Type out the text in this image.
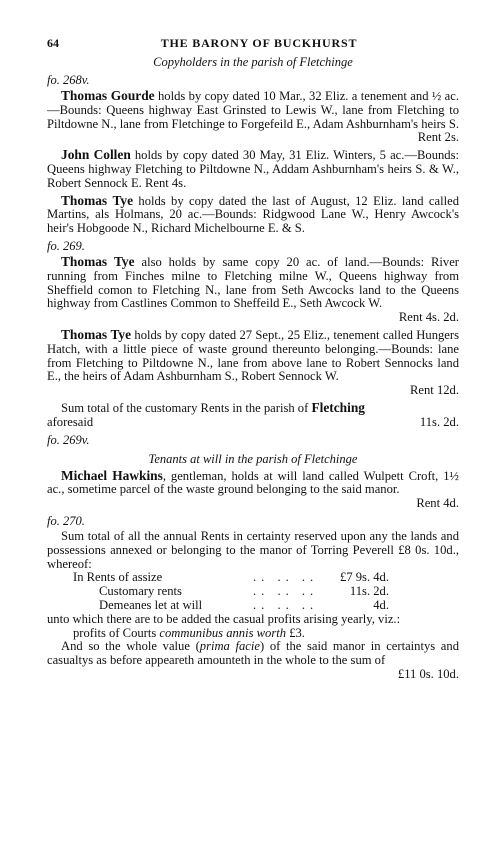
64	THE BARONY OF BUCKHURST
Copyholders in the parish of Fletchinge
fo. 268v.

Thomas Gourde holds by copy dated 10 Mar., 32 Eliz. a tenement and ½ ac.—Bounds: Queens highway East Grinsted to Lewis W., lane from Fletching to Piltdowne N., lane from Fletchinge to Forgefeild E., Adam Ashburnham's heirs S.

Rent 2s.

John Collen holds by copy dated 30 May, 31 Eliz. Winters, 5 ac.—Bounds: Queens highway Fletching to Piltdowne N., Addam Ashburnham's heirs S. & W., Robert Sennock E. Rent 4s.

Thomas Tye holds by copy dated the last of August, 12 Eliz. land called Martins, als Holmans, 20 ac.—Bounds: Ridgwood Lane W., Henry Awcock's heir's Hobgoode N., Richard Michelbourne E. & S.

fo. 269.

Thomas Tye also holds by same copy 20 ac. of land.—Bounds: River running from Finches milne to Fletching milne W., Queens highway from Sheffield comon to Fletching N., lane from Seth Awcocks land to the Queens highway from Castlines Common to Sheffeild E., Seth Awcock W.

Rent 4s. 2d.

Thomas Tye holds by copy dated 27 Sept., 25 Eliz., tenement called Hungers Hatch, with a little piece of waste ground thereunto belonging.—Bounds: lane from Fletching to Piltdowne N., lane from above lane to Robert Sennocks land E., the heirs of Adam Ashburnham S., Robert Sennock W.

Rent 12d.

Sum total of the customary Rents in the parish of Fletching

aforesaid	11s. 2d.
fo. 269v.
Tenants at will in the parish of Fletchinge

Michael Hawkins, gentleman, holds at will land called Wulpett Croft, 1½ ac., sometime parcel of the waste ground belonging to the said manor.

Rent 4d.
fo. 270.

Sum total of all the annual Rents in certainty reserved upon any the lands and possessions annexed or belonging to the manor of Torring Peverell £8 0s. 10d., whereof:

In Rents of assize	.. .. ..	£7 9s. 4d.
Customary rents	.. .. ..	11s. 2d.
Demeanes let at will	.. .. ..	4d.

unto which there are to be added the casual profits arising yearly, viz.:

profits of Courts communibus annis worth £3.

And so the whole value (prima facie) of the said manor in certaintys and casualtys as before appeareth amounteth in the whole to the sum of

£11 0s. 10d.
